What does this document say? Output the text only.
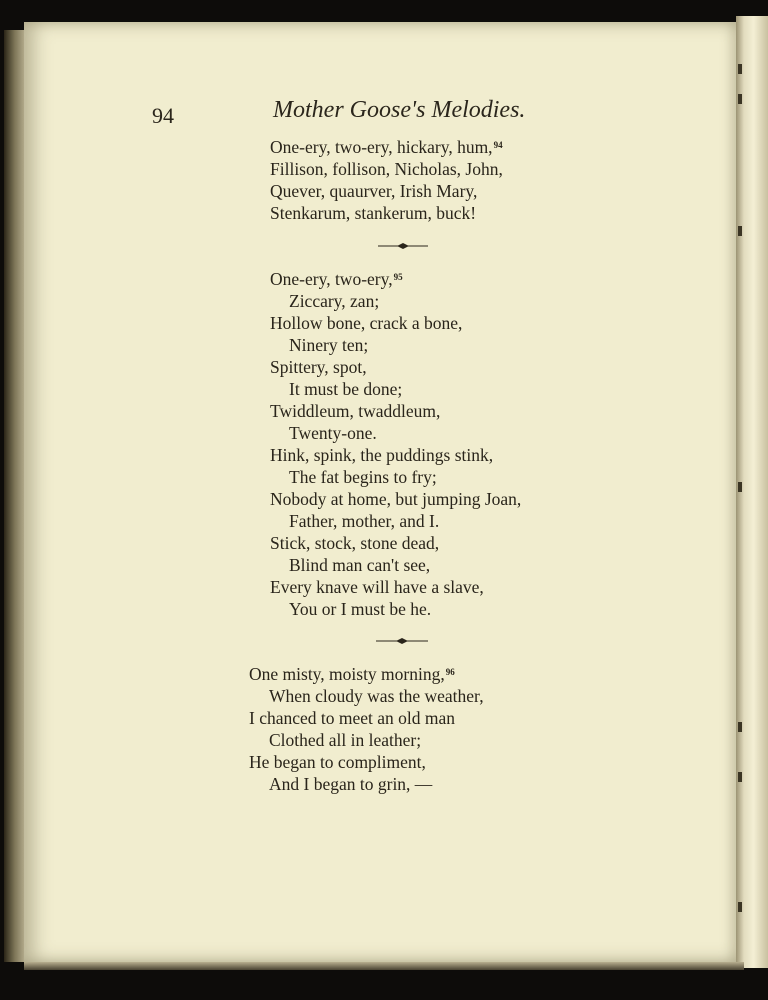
94	Mother Goose's Melodies.
One-ery, two-ery, hickary, hum,$^{94}$
Fillison, follison, Nicholas, John,
Quever, quaurver, Irish Mary,
Stenkarum, stankerum, buck!
One-ery, two-ery,$^{95}$
Ziccary, zan;
Hollow bone, crack a bone,
Ninery ten;
Spittery, spot,
It must be done;
Twiddleum, twaddleum,
Twenty-one.
Hink, spink, the puddings stink,
The fat begins to fry;
Nobody at home, but jumping Joan,
Father, mother, and I.
Stick, stock, stone dead,
Blind man can't see,
Every knave will have a slave,
You or I must be he.
One misty, moisty morning,$^{96}$
When cloudy was the weather,
I chanced to meet an old man
Clothed all in leather;
He began to compliment,
And I began to grin, —
